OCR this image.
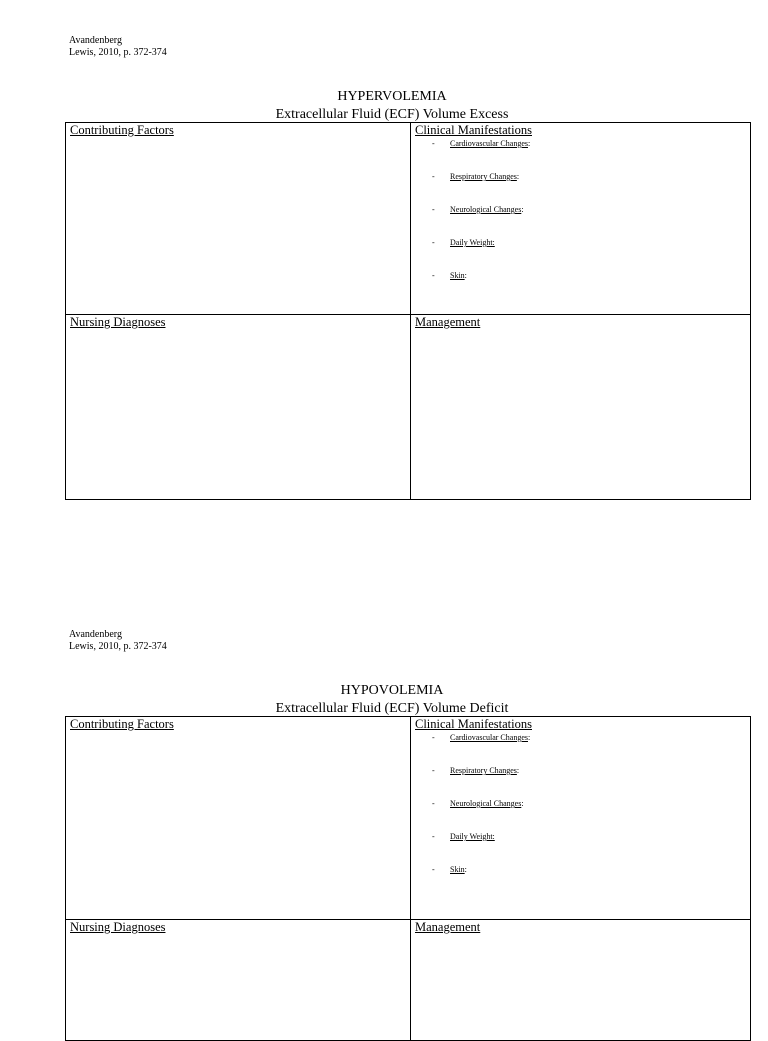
Avandenberg
Lewis, 2010, p. 372-374
HYPERVOLEMIA
Extracellular Fluid (ECF) Volume Excess
Contributing Factors	Clinical Manifestations
-	Cardiovascular Changes:
-	Respiratory Changes:
-	Neurological Changes:
-	Daily Weight:
-	Skin:
Nursing Diagnoses	Management
Avandenberg
Lewis, 2010, p. 372-374
HYPOVOLEMIA
Extracellular Fluid (ECF) Volume Deficit
Contributing Factors	Clinical Manifestations
-	Cardiovascular Changes:
-	Respiratory Changes:
-	Neurological Changes:
-	Daily Weight:
-	Skin:
Nursing Diagnoses	Management
